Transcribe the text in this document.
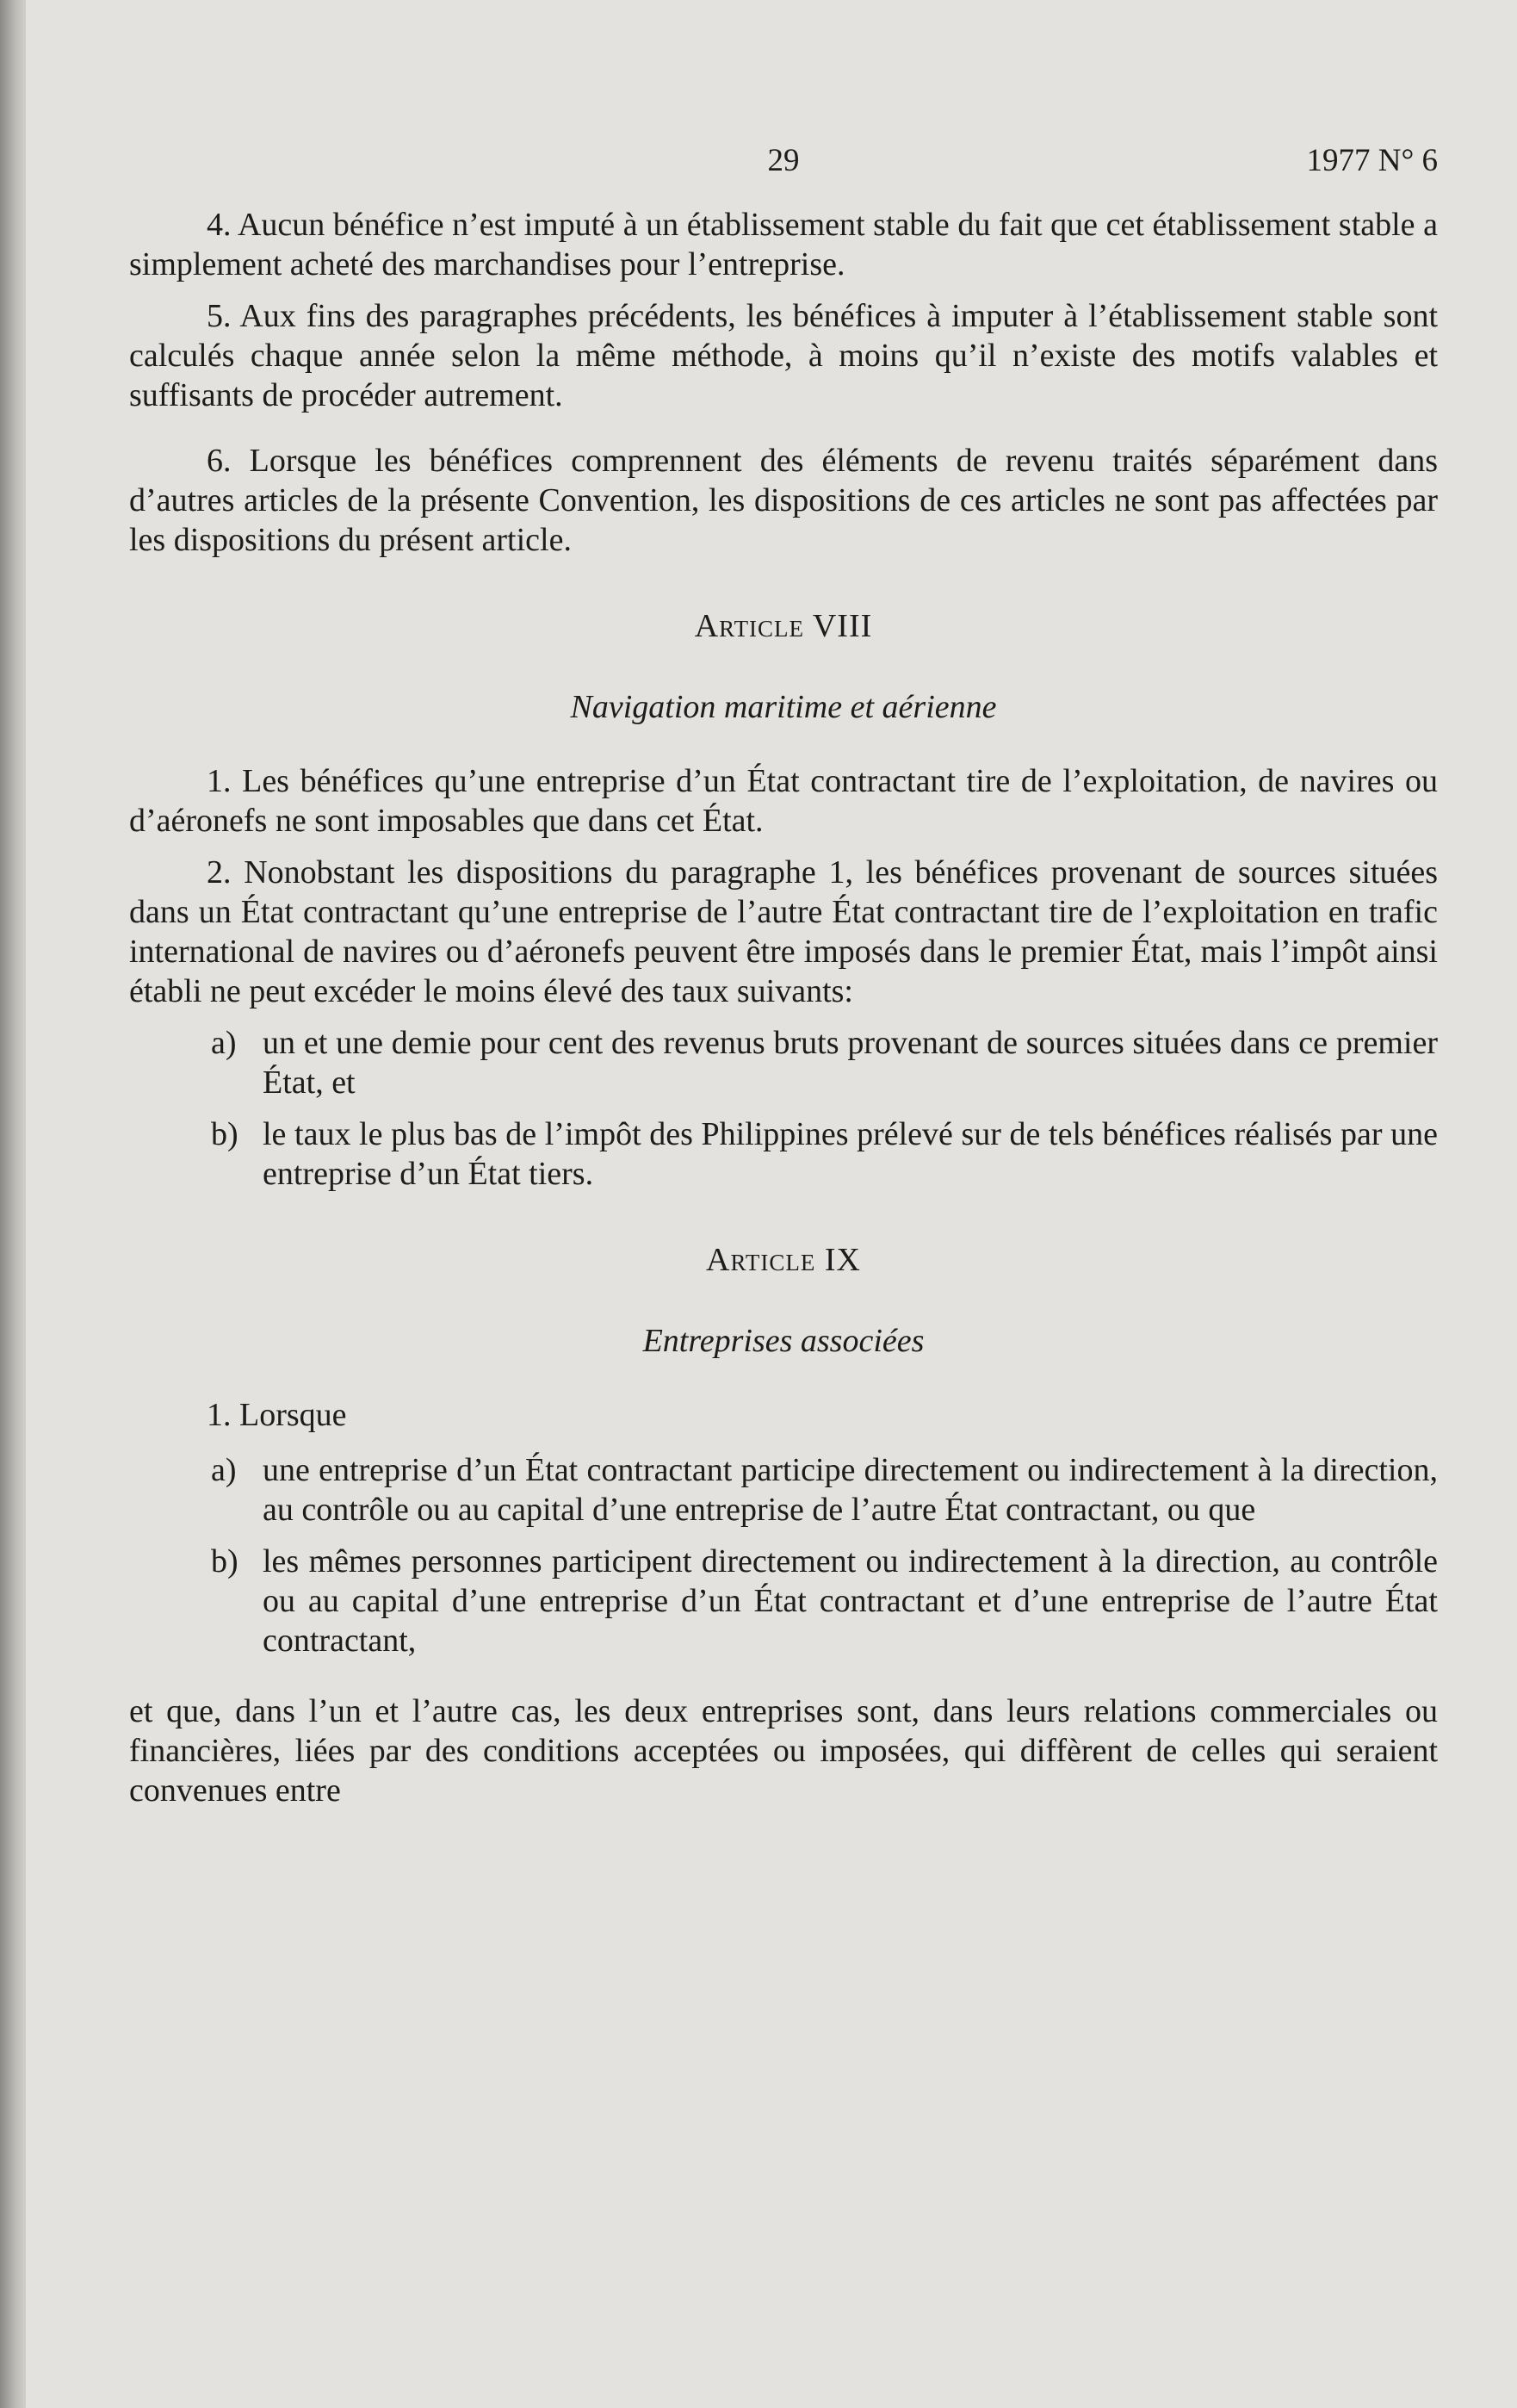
29	1977 N° 6

4. Aucun bénéfice n’est imputé à un établissement stable du fait que cet établissement stable a simplement acheté des marchandises pour l’entreprise.

5. Aux fins des paragraphes précédents, les bénéfices à imputer à l’établissement stable sont calculés chaque année selon la même méthode, à moins qu’il n’existe des motifs valables et suffisants de procéder autrement.

6. Lorsque les bénéfices comprennent des éléments de revenu traités séparément dans d’autres articles de la présente Convention, les dispositions de ces articles ne sont pas affectées par les dispositions du présent article.

Article VIII
Navigation maritime et aérienne

1. Les bénéfices qu’une entreprise d’un État contractant tire de l’exploitation, de navires ou d’aéronefs ne sont imposables que dans cet État.

2. Nonobstant les dispositions du paragraphe 1, les bénéfices provenant de sources situées dans un État contractant qu’une entreprise de l’autre État contractant tire de l’exploitation en trafic international de navires ou d’aéronefs peuvent être imposés dans le premier État, mais l’impôt ainsi établi ne peut excéder le moins élevé des taux suivants:

a) un et une demie pour cent des revenus bruts provenant de sources situées dans ce premier État, et
b) le taux le plus bas de l’impôt des Philippines prélevé sur de tels bénéfices réalisés par une entreprise d’un État tiers.
Article IX
Entreprises associées

1. Lorsque

a) une entreprise d’un État contractant participe directement ou indirectement à la direction, au contrôle ou au capital d’une entreprise de l’autre État contractant, ou que
b) les mêmes personnes participent directement ou indirectement à la direction, au contrôle ou au capital d’une entreprise d’un État contractant et d’une entreprise de l’autre État contractant,

et que, dans l’un et l’autre cas, les deux entreprises sont, dans leurs relations commerciales ou financières, liées par des conditions acceptées ou imposées, qui diffèrent de celles qui seraient convenues entre
